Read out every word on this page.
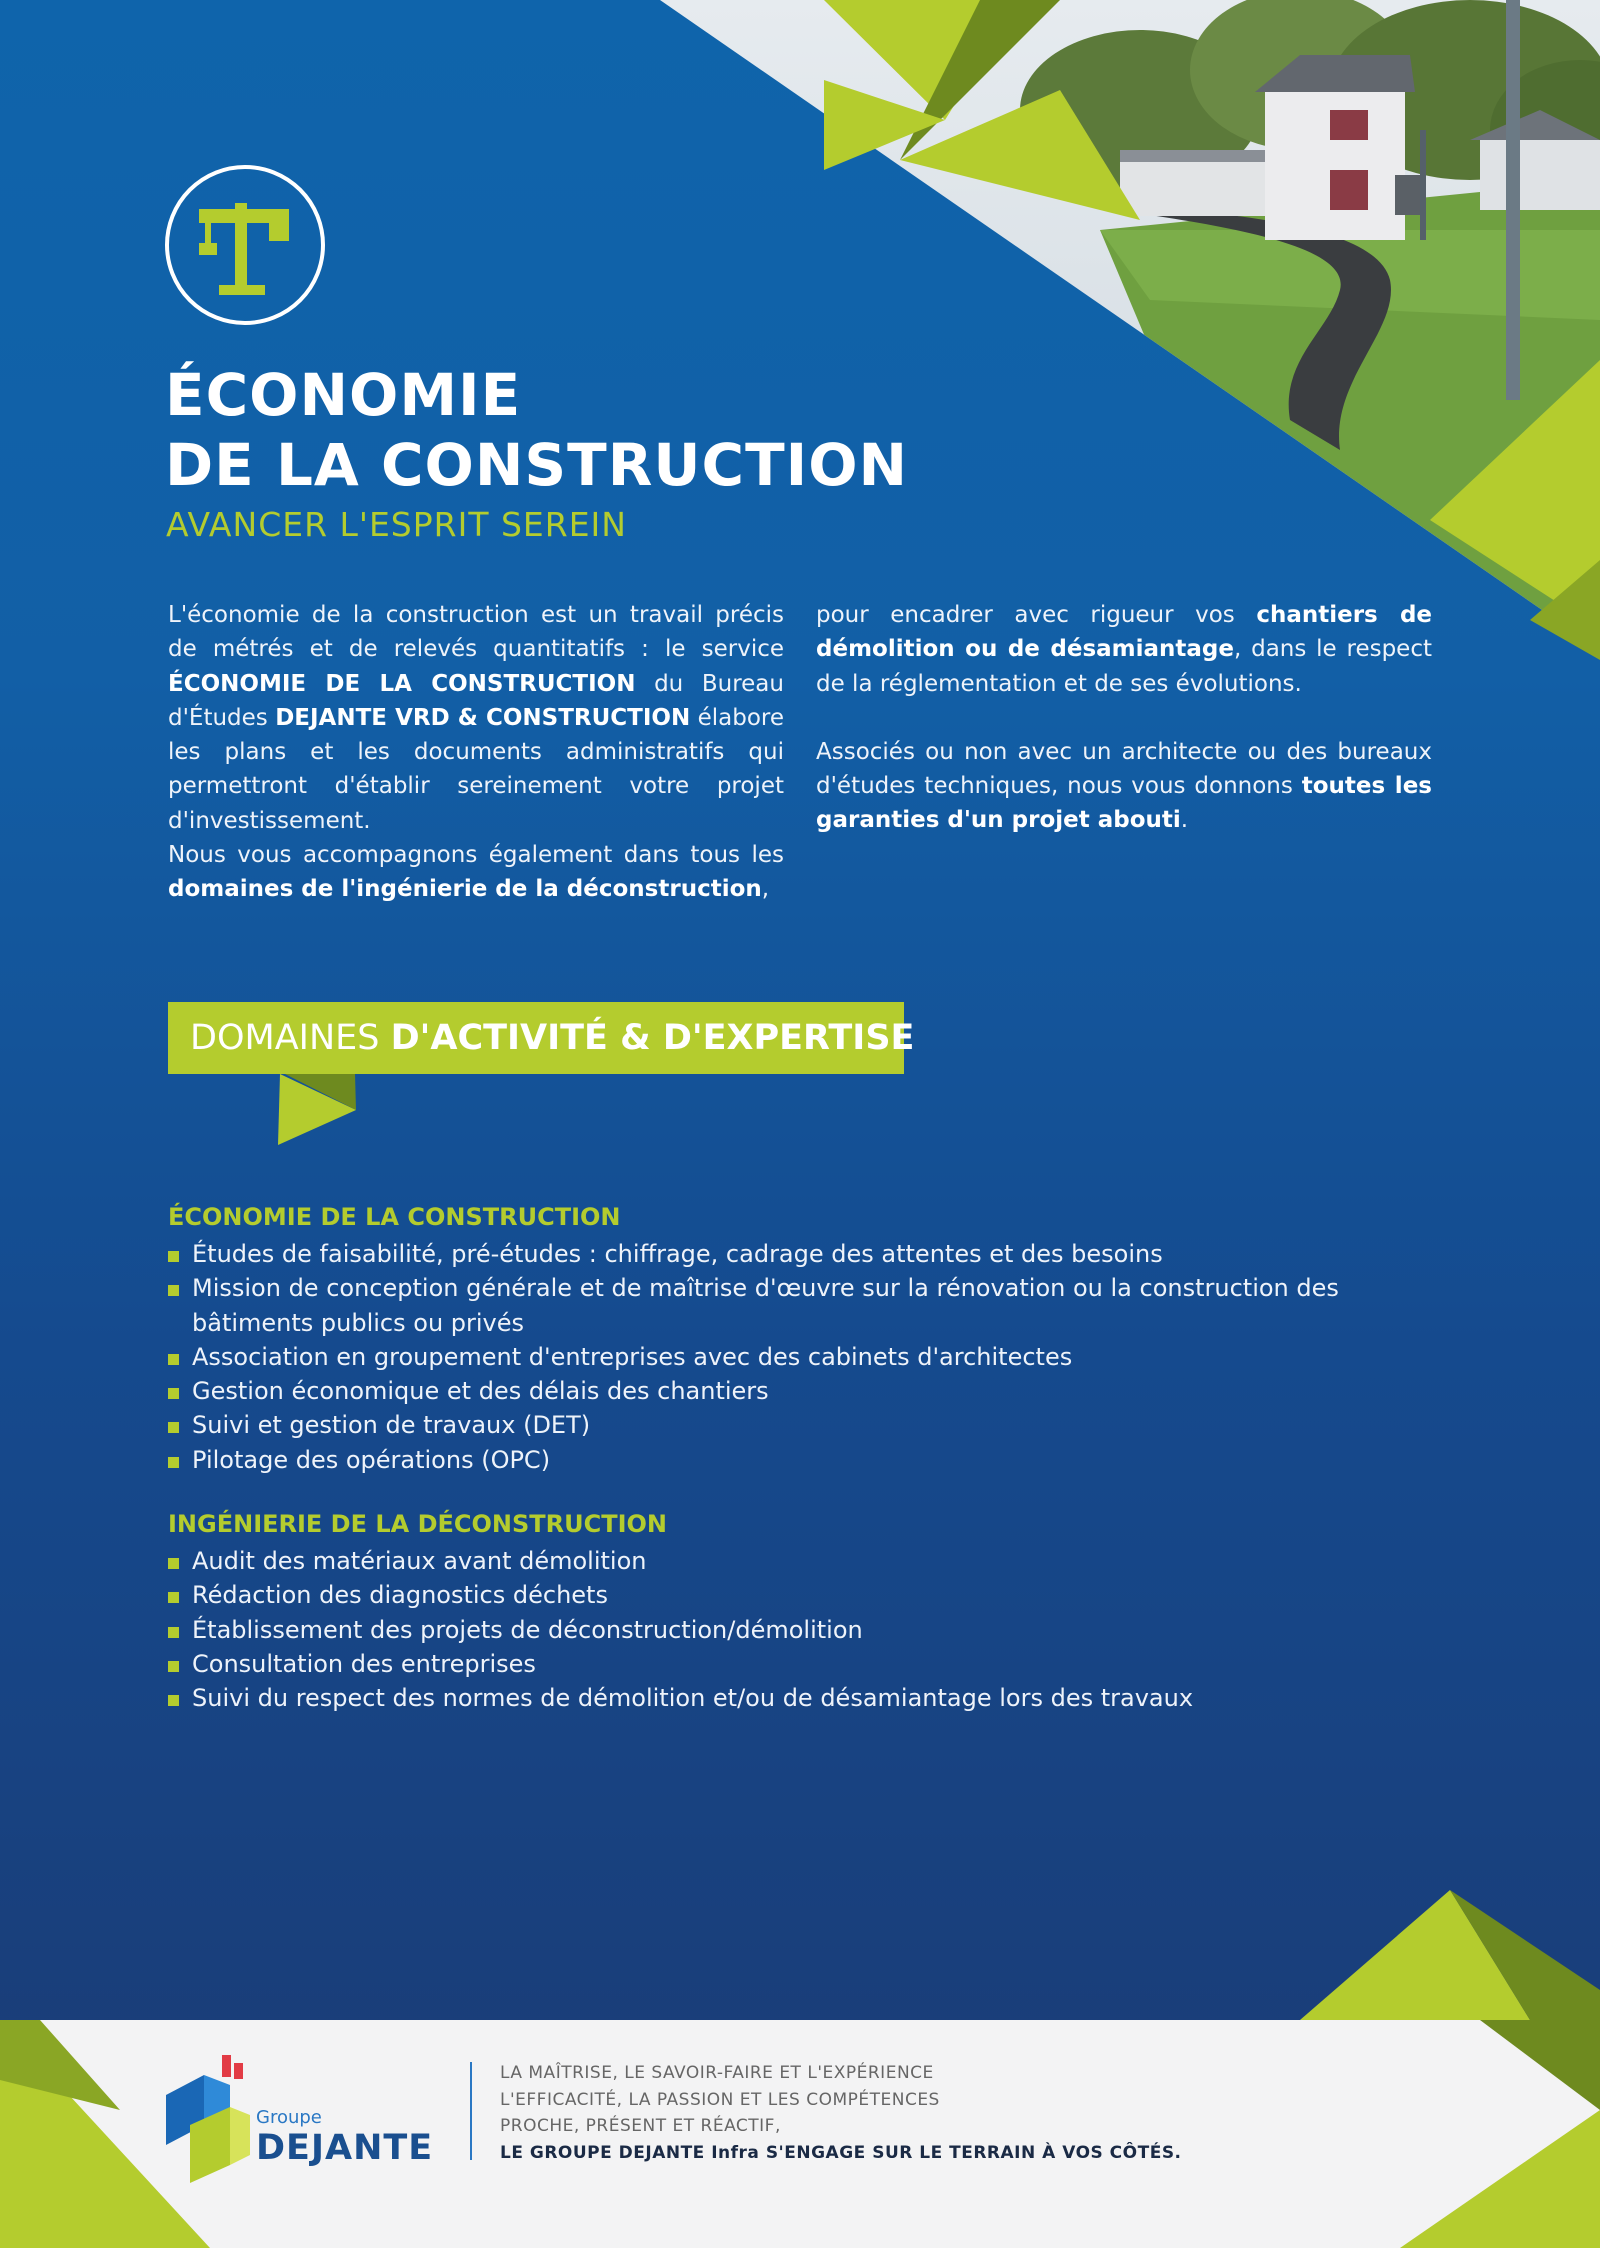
ÉCONOMIE
DE LA CONSTRUCTION
AVANCER L'ESPRIT SEREIN

L'économie de la construction est un travail précis de métrés et de relevés quantitatifs : le service ÉCONOMIE DE LA CONSTRUCTION du Bureau d'Études DEJANTE VRD & CONSTRUCTION élabore les plans et les documents administratifs qui permettront d'établir sereinement votre projet d'investissement.

Nous vous accompagnons également dans tous les domaines de l'ingénierie de la déconstruction,

pour encadrer avec rigueur vos chantiers de démolition ou de désamiantage, dans le respect de la réglementation et de ses évolutions.

Associés ou non avec un architecte ou des bureaux d'études techniques, nous vous donnons toutes les garanties d'un projet abouti.

DOMAINES D'ACTIVITÉ & D'EXPERTISE
ÉCONOMIE DE LA CONSTRUCTION
Études de faisabilité, pré-études : chiffrage, cadrage des attentes et des besoins
Mission de conception générale et de maîtrise d'œuvre sur la rénovation ou la construction des bâtiments publics ou privés
Association en groupement d'entreprises avec des cabinets d'architectes
Gestion économique et des délais des chantiers
Suivi et gestion de travaux (DET)
Pilotage des opérations (OPC)
INGÉNIERIE DE LA DÉCONSTRUCTION
Audit des matériaux avant démolition
Rédaction des diagnostics déchets
Établissement des projets de déconstruction/démolition
Consultation des entreprises
Suivi du respect des normes de démolition et/ou de désamiantage lors des travaux
Groupe
DEJANTE
LA MAÎTRISE, LE SAVOIR-FAIRE ET L'EXPÉRIENCE
L'EFFICACITÉ, LA PASSION ET LES COMPÉTENCES
PROCHE, PRÉSENT ET RÉACTIF,
LE GROUPE DEJANTE Infra S'ENGAGE SUR LE TERRAIN À VOS CÔTÉS.
